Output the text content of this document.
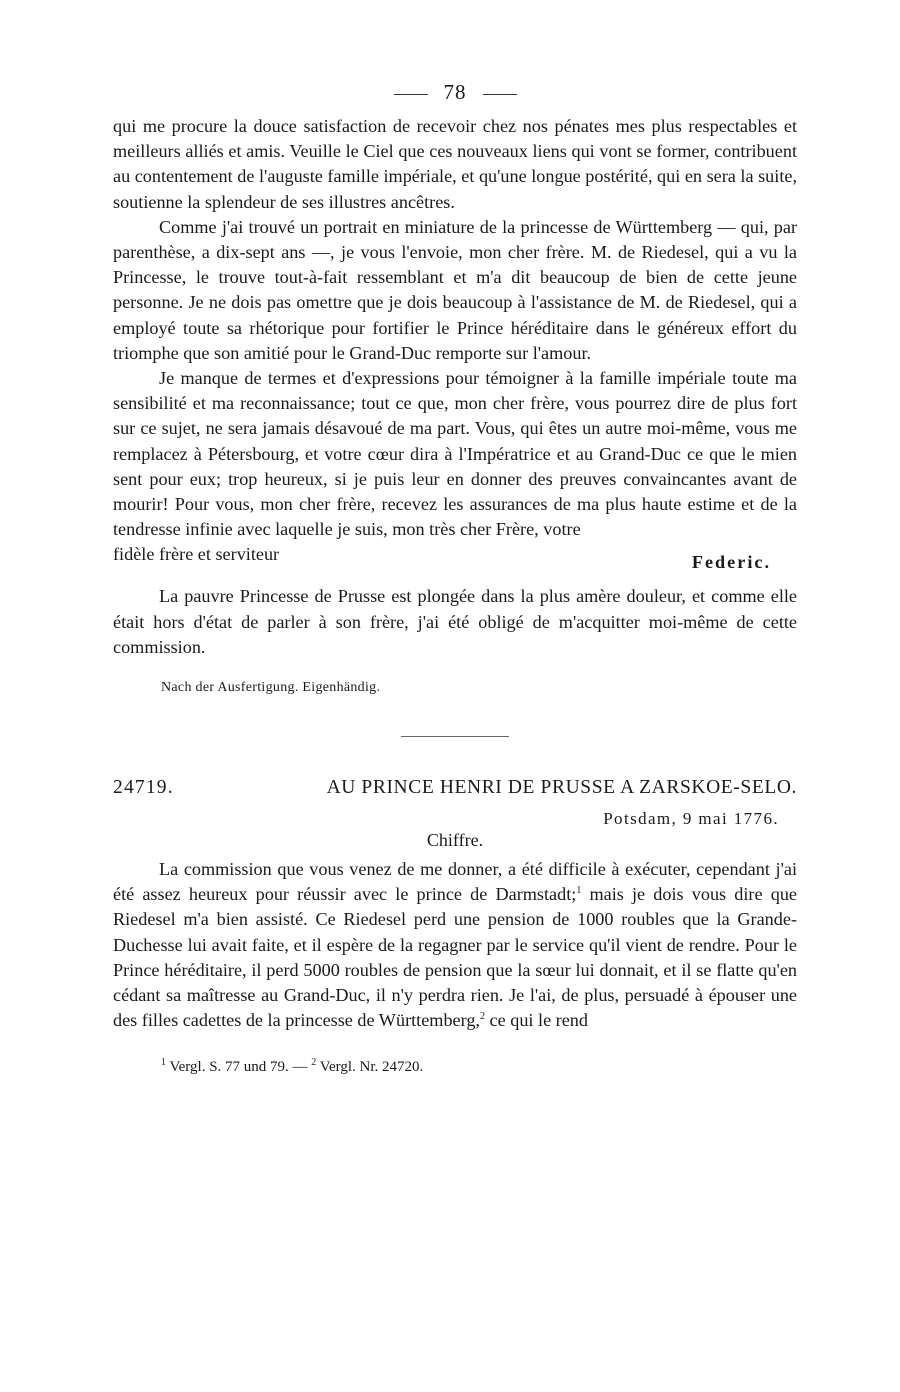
78

qui me procure la douce satisfaction de recevoir chez nos pénates mes plus respectables et meilleurs alliés et amis. Veuille le Ciel que ces nouveaux liens qui vont se former, contribuent au contentement de l'auguste famille impériale, et qu'une longue postérité, qui en sera la suite, soutienne la splendeur de ses illustres ancêtres.

Comme j'ai trouvé un portrait en miniature de la princesse de Württemberg — qui, par parenthèse, a dix-sept ans —, je vous l'envoie, mon cher frère. M. de Riedesel, qui a vu la Princesse, le trouve tout-à-fait ressemblant et m'a dit beaucoup de bien de cette jeune personne. Je ne dois pas omettre que je dois beaucoup à l'assistance de M. de Riedesel, qui a employé toute sa rhétorique pour fortifier le Prince héréditaire dans le généreux effort du triomphe que son amitié pour le Grand-Duc remporte sur l'amour.

Je manque de termes et d'expressions pour témoigner à la famille impériale toute ma sensibilité et ma reconnaissance; tout ce que, mon cher frère, vous pourrez dire de plus fort sur ce sujet, ne sera jamais désavoué de ma part. Vous, qui êtes un autre moi-même, vous me remplacez à Pétersbourg, et votre cœur dira à l'Impératrice et au Grand-Duc ce que le mien sent pour eux; trop heureux, si je puis leur en donner des preuves convaincantes avant de mourir! Pour vous, mon cher frère, recevez les assurances de ma plus haute estime et de la tendresse infinie avec laquelle je suis, mon très cher Frère, votre

fidèle frère et serviteur	Federic.

La pauvre Princesse de Prusse est plongée dans la plus amère douleur, et comme elle était hors d'état de parler à son frère, j'ai été obligé de m'acquitter moi-même de cette commission.

Nach der Ausfertigung. Eigenhändig.
24719.	AU PRINCE HENRI DE PRUSSE A ZARSKOE-SELO.
Potsdam, 9 mai 1776.
Chiffre.

La commission que vous venez de me donner, a été difficile à exécuter, cependant j'ai été assez heureux pour réussir avec le prince de Darmstadt;$^1$ mais je dois vous dire que Riedesel m'a bien assisté. Ce Riedesel perd une pension de 1000 roubles que la Grande-Duchesse lui avait faite, et il espère de la regagner par le service qu'il vient de rendre. Pour le Prince héréditaire, il perd 5000 roubles de pension que la sœur lui donnait, et il se flatte qu'en cédant sa maîtresse au Grand-Duc, il n'y perdra rien. Je l'ai, de plus, persuadé à épouser une des filles cadettes de la princesse de Württemberg,$^2$ ce qui le rend

$^1$ Vergl. S. 77 und 79. — $^2$ Vergl. Nr. 24720.
